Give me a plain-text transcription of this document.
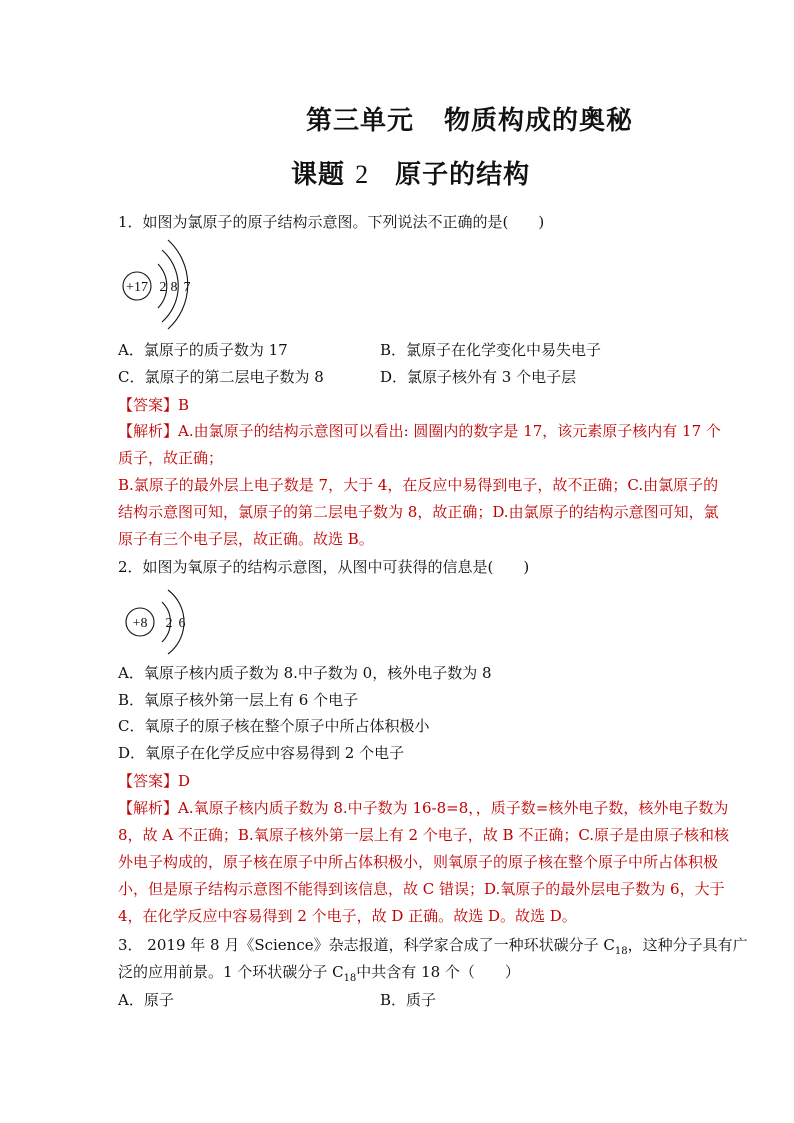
第三单元 物质构成的奥秘
课题 2 原子的结构
1．如图为氯原子的原子结构示意图。下列说法不正确的是( )
+17 2 8 7
A．氯原子的质子数为 17	B．氯原子在化学变化中易失电子
C．氯原子的第二层电子数为 8	D．氯原子核外有 3 个电子层
【答案】B
【解析】A.由氯原子的结构示意图可以看出: 圆圈内的数字是 17，该元素原子核内有 17 个
质子，故正确；
B.氯原子的最外层上电子数是 7，大于 4，在反应中易得到电子，故不正确；C.由氯原子的
结构示意图可知，氯原子的第二层电子数为 8，故正确；D.由氯原子的结构示意图可知，氯
原子有三个电子层，故正确。故选 B。
2．如图为氧原子的结构示意图，从图中可获得的信息是( )
+8 2 6
A．氧原子核内质子数为 8.中子数为 0，核外电子数为 8
B．氧原子核外第一层上有 6 个电子
C．氧原子的原子核在整个原子中所占体积极小
D．氧原子在化学反应中容易得到 2 个电子
【答案】D
【解析】A.氧原子核内质子数为 8.中子数为 16-8=8，，质子数=核外电子数，核外电子数为
8，故 A 不正确；B.氧原子核外第一层上有 2 个电子，故 B 不正确；C.原子是由原子核和核
外电子构成的，原子核在原子中所占体积极小，则氧原子的原子核在整个原子中所占体积极
小，但是原子结构示意图不能得到该信息，故 C 错误；D.氧原子的最外层电子数为 6，大于
4，在化学反应中容易得到 2 个电子，故 D 正确。故选 D。故选 D。
3． 2019 年 8 月《Science》杂志报道，科学家合成了一种环状碳分子 $C_{18}$，这种分子具有广
泛的应用前景。1 个环状碳分子 $C_{18}$中共含有 18 个（ ）
A．原子	B．质子
